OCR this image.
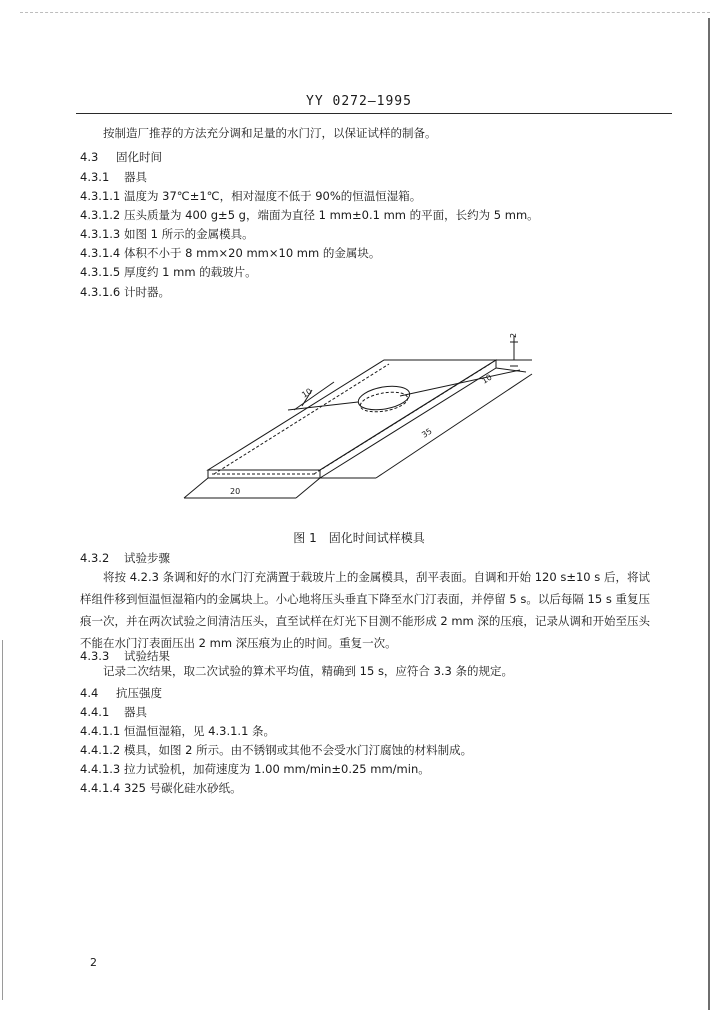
YY 0272—1995
按制造厂推荐的方法充分调和足量的水门汀，以保证试样的制备。
4.3 固化时间
4.3.1 器具
4.3.1.1 温度为 37℃±1℃，相对湿度不低于 90%的恒温恒湿箱。
4.3.1.2 压头质量为 400 g±5 g，端面为直径 1 mm±0.1 mm 的平面，长约为 5 mm。
4.3.1.3 如图 1 所示的金属模具。
4.3.1.4 体积不小于 8 mm×20 mm×10 mm 的金属块。
4.3.1.5 厚度约 1 mm 的载玻片。
4.3.1.6 计时器。
2
10
10
35
20
图 1　固化时间试样模具
4.3.2 试验步骤
将按 4.2.3 条调和好的水门汀充满置于载玻片上的金属模具，刮平表面。自调和开始 120 s±10 s 后，将试样组件移到恒温恒湿箱内的金属块上。小心地将压头垂直下降至水门汀表面，并停留 5 s。以后每隔 15 s 重复压痕一次，并在两次试验之间清洁压头，直至试样在灯光下目测不能形成 2 mm 深的压痕，记录从调和开始至压头不能在水门汀表面压出 2 mm 深压痕为止的时间。重复一次。
4.3.3 试验结果
记录二次结果，取二次试验的算术平均值，精确到 15 s，应符合 3.3 条的规定。
4.4 抗压强度
4.4.1 器具
4.4.1.1 恒温恒湿箱，见 4.3.1.1 条。
4.4.1.2 模具，如图 2 所示。由不锈钢或其他不会受水门汀腐蚀的材料制成。
4.4.1.3 拉力试验机，加荷速度为 1.00 mm/min±0.25 mm/min。
4.4.1.4 325 号碳化硅水砂纸。
2
